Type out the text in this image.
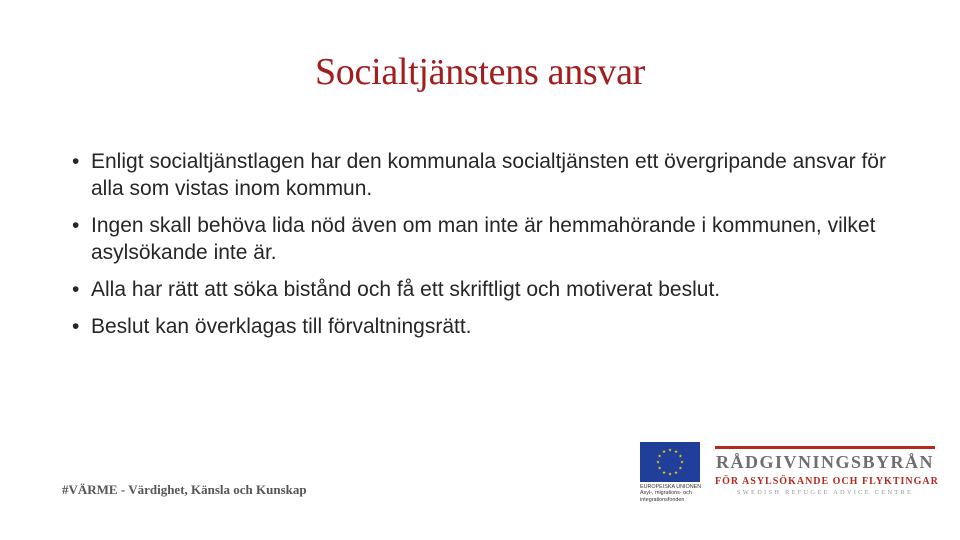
Socialtjänstens ansvar
• Enligt socialtjänstlagen har den kommunala socialtjänsten ett övergripande ansvar för alla som vistas inom kommun.
• Ingen skall behöva lida nöd även om man inte är hemmahörande i kommunen, vilket asylsökande inte är.
• Alla har rätt att söka bistånd och få ett skriftligt och motiverat beslut.
• Beslut kan överklagas till förvaltningsrätt.
#VÄRME - Värdighet, Känsla och Kunskap
★ ★
★
★
★
★
★
★
★
★
★
★
EUROPEISKA UNIONEN
Asyl-, migrations- och
integrationsfonden
RÅDGIVNINGSBYRÅN
FÖR ASYLSÖKANDE OCH FLYKTINGAR
SWEDISH REFUGEE ADVICE CENTRE
